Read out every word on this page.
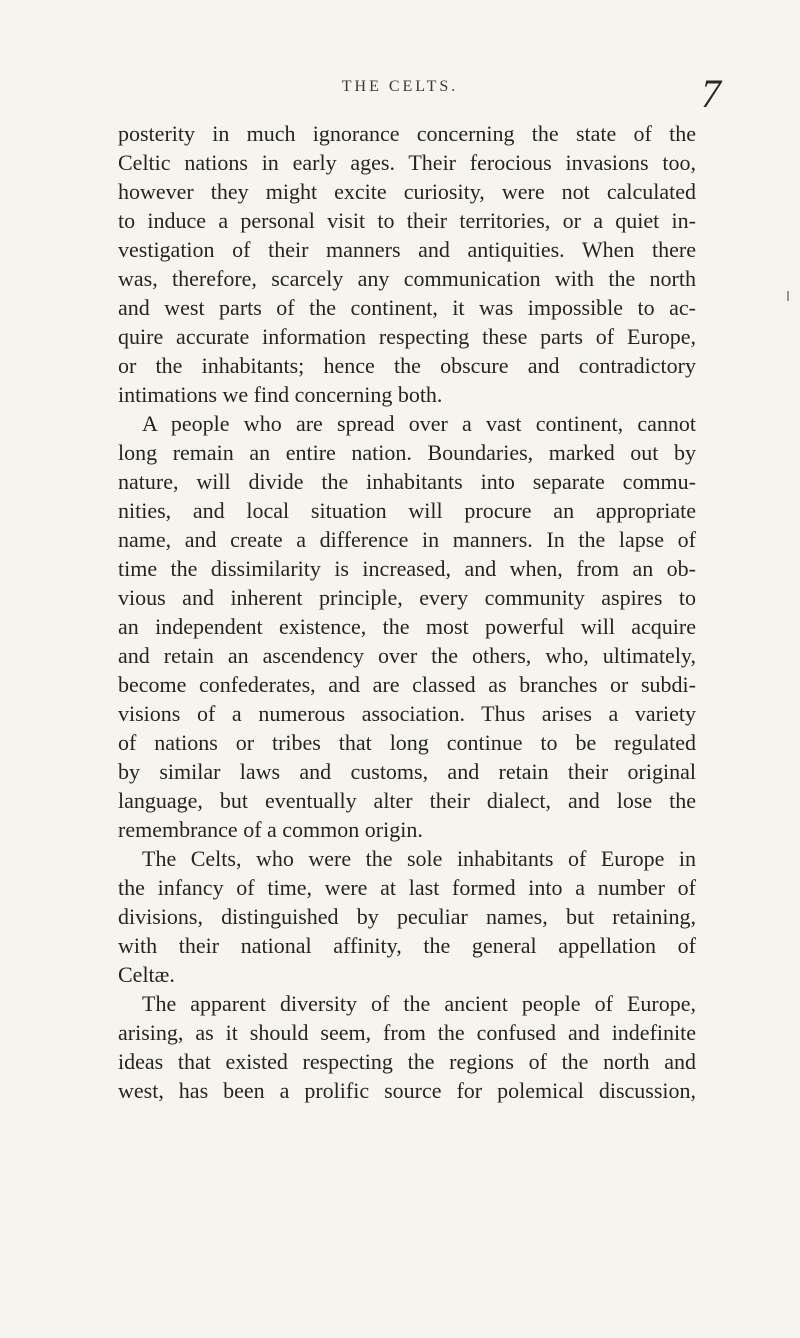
THE CELTS.	7
posterity in much ignorance concerning the state of the
Celtic nations in early ages. Their ferocious invasions too,
however they might excite curiosity, were not calculated
to induce a personal visit to their territories, or a quiet in-
vestigation of their manners and antiquities. When there
was, therefore, scarcely any communication with the north
and west parts of the continent, it was impossible to ac-
quire accurate information respecting these parts of Europe,
or the inhabitants; hence the obscure and contradictory
intimations we find concerning both.
A people who are spread over a vast continent, cannot
long remain an entire nation. Boundaries, marked out by
nature, will divide the inhabitants into separate commu-
nities, and local situation will procure an appropriate
name, and create a difference in manners. In the lapse of
time the dissimilarity is increased, and when, from an ob-
vious and inherent principle, every community aspires to
an independent existence, the most powerful will acquire
and retain an ascendency over the others, who, ultimately,
become confederates, and are classed as branches or subdi-
visions of a numerous association. Thus arises a variety
of nations or tribes that long continue to be regulated
by similar laws and customs, and retain their original
language, but eventually alter their dialect, and lose the
remembrance of a common origin.
The Celts, who were the sole inhabitants of Europe in
the infancy of time, were at last formed into a number of
divisions, distinguished by peculiar names, but retaining,
with their national affinity, the general appellation of
Celtæ.
The apparent diversity of the ancient people of Europe,
arising, as it should seem, from the confused and indefinite
ideas that existed respecting the regions of the north and
west, has been a prolific source for polemical discussion,
